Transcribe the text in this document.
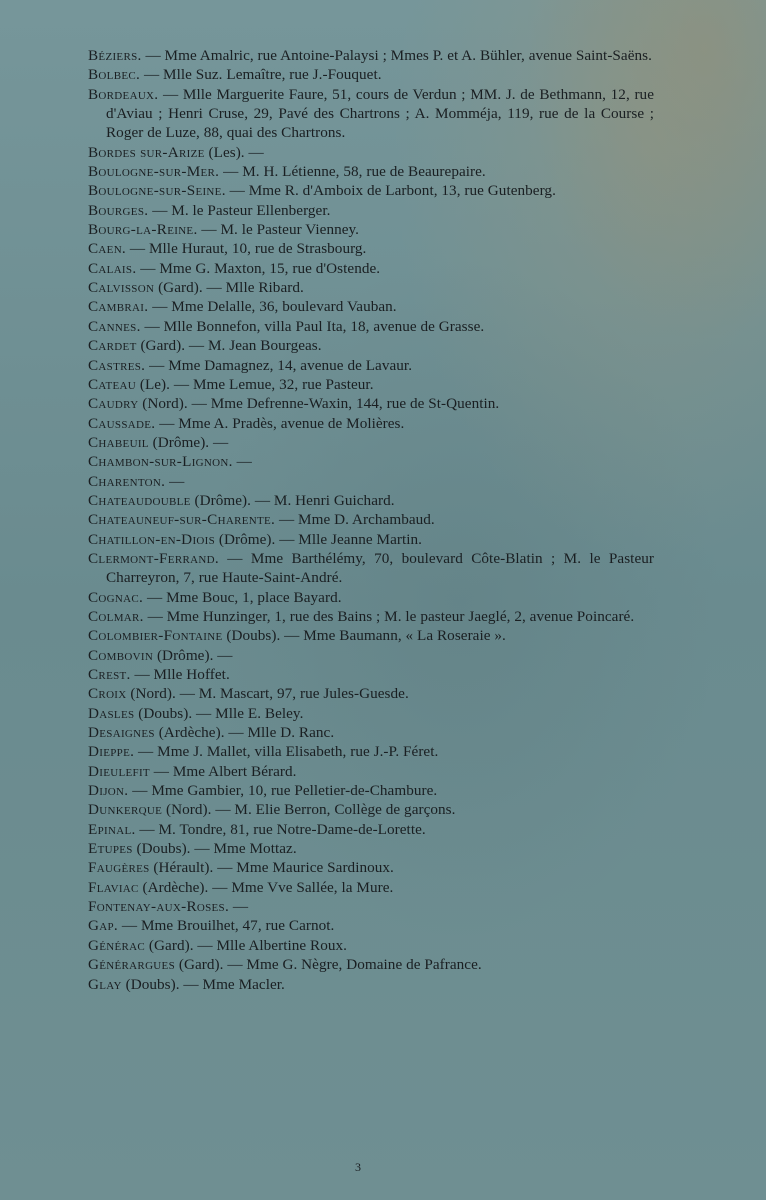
Béziers. — Mme Amalric, rue Antoine-Palaysi ; Mmes P. et A. Bühler, avenue Saint-Saëns.

Bolbec. — Mlle Suz. Lemaître, rue J.-Fouquet.

Bordeaux. — Mlle Marguerite Faure, 51, cours de Verdun ; MM. J. de Bethmann, 12, rue d'Aviau ; Henri Cruse, 29, Pavé des Chartrons ; A. Momméja, 119, rue de la Course ; Roger de Luze, 88, quai des Chartrons.

Bordes sur-Arize (Les). —

Boulogne-sur-Mer. — M. H. Létienne, 58, rue de Beaurepaire.

Boulogne-sur-Seine. — Mme R. d'Amboix de Larbont, 13, rue Gutenberg.

Bourges. — M. le Pasteur Ellenberger.

Bourg-la-Reine. — M. le Pasteur Vienney.

Caen. — Mlle Huraut, 10, rue de Strasbourg.

Calais. — Mme G. Maxton, 15, rue d'Ostende.

Calvisson (Gard). — Mlle Ribard.

Cambrai. — Mme Delalle, 36, boulevard Vauban.

Cannes. — Mlle Bonnefon, villa Paul Ita, 18, avenue de Grasse.

Cardet (Gard). — M. Jean Bourgeas.

Castres. — Mme Damagnez, 14, avenue de Lavaur.

Cateau (Le). — Mme Lemue, 32, rue Pasteur.

Caudry (Nord). — Mme Defrenne-Waxin, 144, rue de St-Quentin.

Caussade. — Mme A. Pradès, avenue de Molières.

Chabeuil (Drôme). —

Chambon-sur-Lignon. —

Charenton. —

Chateaudouble (Drôme). — M. Henri Guichard.

Chateauneuf-sur-Charente. — Mme D. Archambaud.

Chatillon-en-Diois (Drôme). — Mlle Jeanne Martin.

Clermont-Ferrand. — Mme Barthélémy, 70, boulevard Côte-Blatin ; M. le Pasteur Charreyron, 7, rue Haute-Saint-André.

Cognac. — Mme Bouc, 1, place Bayard.

Colmar. — Mme Hunzinger, 1, rue des Bains ; M. le pasteur Jaeglé, 2, avenue Poincaré.

Colombier-Fontaine (Doubs). — Mme Baumann, « La Roseraie ».

Combovin (Drôme). —

Crest. — Mlle Hoffet.

Croix (Nord). — M. Mascart, 97, rue Jules-Guesde.

Dasles (Doubs). — Mlle E. Beley.

Desaignes (Ardèche). — Mlle D. Ranc.

Dieppe. — Mme J. Mallet, villa Elisabeth, rue J.-P. Féret.

Dieulefit — Mme Albert Bérard.

Dijon. — Mme Gambier, 10, rue Pelletier-de-Chambure.

Dunkerque (Nord). — M. Elie Berron, Collège de garçons.

Epinal. — M. Tondre, 81, rue Notre-Dame-de-Lorette.

Etupes (Doubs). — Mme Mottaz.

Faugères (Hérault). — Mme Maurice Sardinoux.

Flaviac (Ardèche). — Mme Vve Sallée, la Mure.

Fontenay-aux-Roses. —

Gap. — Mme Brouilhet, 47, rue Carnot.

Générac (Gard). — Mlle Albertine Roux.

Générargues (Gard). — Mme G. Nègre, Domaine de Pafrance.

Glay (Doubs). — Mme Macler.

3
